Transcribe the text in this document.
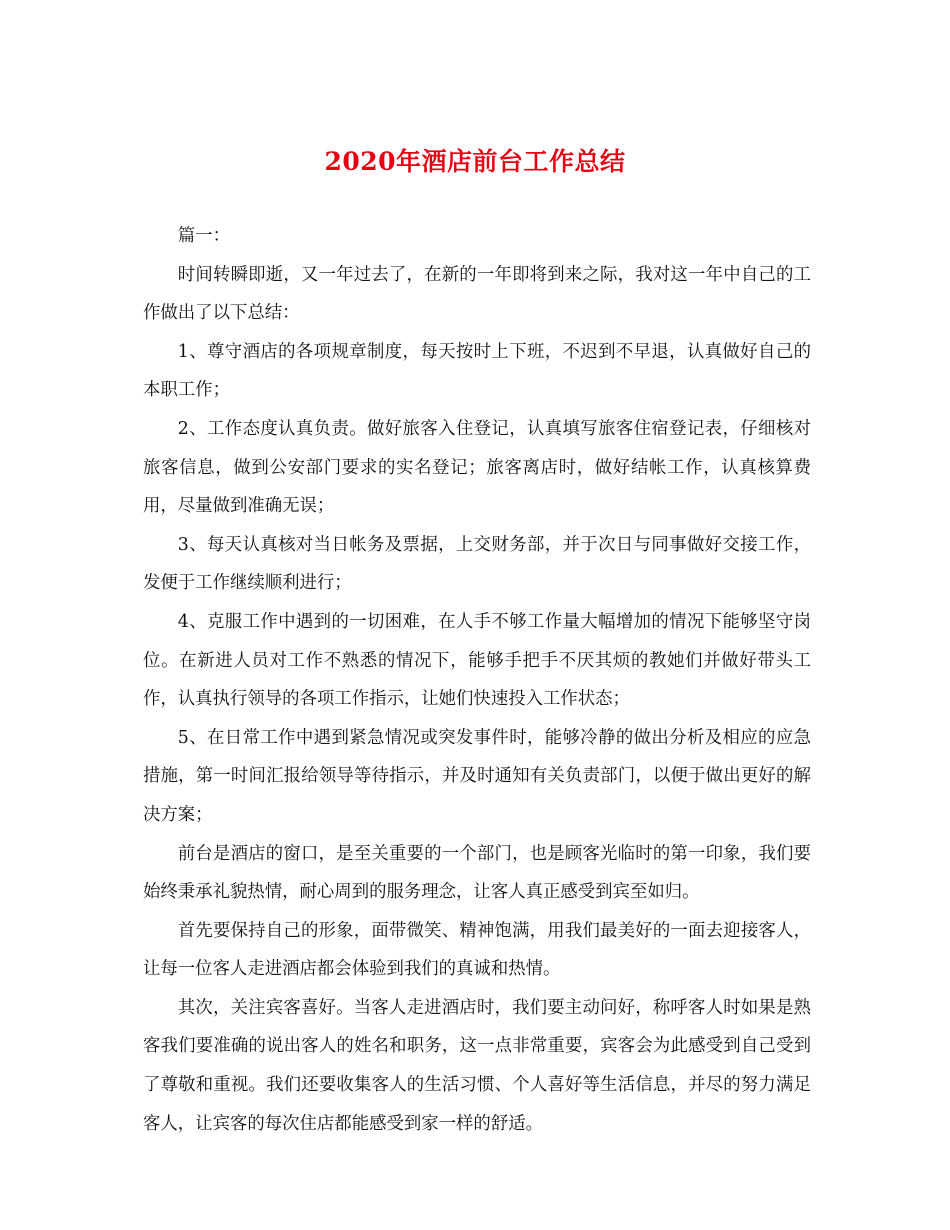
2020年酒店前台工作总结

篇一：

时间转瞬即逝，又一年过去了，在新的一年即将到来之际，我对这一年中自己的工作做出了以下总结：

1、尊守酒店的各项规章制度，每天按时上下班，不迟到不早退，认真做好自己的本职工作；

2、工作态度认真负责。做好旅客入住登记，认真填写旅客住宿登记表，仔细核对旅客信息，做到公安部门要求的实名登记；旅客离店时，做好结帐工作，认真核算费用，尽量做到准确无误；

3、每天认真核对当日帐务及票据，上交财务部，并于次日与同事做好交接工作，发便于工作继续顺利进行；

4、克服工作中遇到的一切困难，在人手不够工作量大幅增加的情况下能够坚守岗位。在新进人员对工作不熟悉的情况下，能够手把手不厌其烦的教她们并做好带头工作，认真执行领导的各项工作指示，让她们快速投入工作状态；

5、在日常工作中遇到紧急情况或突发事件时，能够冷静的做出分析及相应的应急措施，第一时间汇报给领导等待指示，并及时通知有关负责部门，以便于做出更好的解决方案；

前台是酒店的窗口，是至关重要的一个部门，也是顾客光临时的第一印象，我们要始终秉承礼貌热情，耐心周到的服务理念，让客人真正感受到宾至如归。

首先要保持自己的形象，面带微笑、精神饱满，用我们最美好的一面去迎接客人，让每一位客人走进酒店都会体验到我们的真诚和热情。

其次，关注宾客喜好。当客人走进酒店时，我们要主动问好，称呼客人时如果是熟客我们要准确的说出客人的姓名和职务，这一点非常重要，宾客会为此感受到自己受到了尊敬和重视。我们还要收集客人的生活习惯、个人喜好等生活信息，并尽的努力满足客人，让宾客的每次住店都能感受到家一样的舒适。
